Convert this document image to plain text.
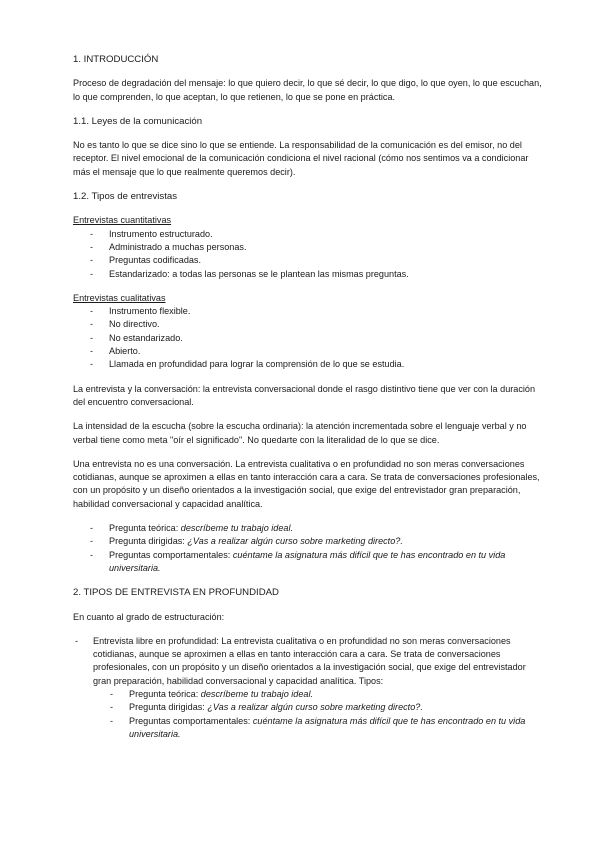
1. INTRODUCCIÓN

Proceso de degradación del mensaje: lo que quiero decir, lo que sé decir, lo que digo, lo que oyen, lo que escuchan, lo que comprenden, lo que aceptan, lo que retienen, lo que se pone en práctica.

1.1. Leyes de la comunicación

No es tanto lo que se dice sino lo que se entiende. La responsabilidad de la comunicación es del emisor, no del receptor. El nivel emocional de la comunicación condiciona el nivel racional (cómo nos sentimos va a condicionar más el mensaje que lo que realmente queremos decir).

1.2. Tipos de entrevistas

Entrevistas cuantitativas

- Instrumento estructurado.
- Administrado a muchas personas.
- Preguntas codificadas.
- Estandarizado: a todas las personas se le plantean las mismas preguntas.

Entrevistas cualitativas

- Instrumento flexible.
- No directivo.
- No estandarizado.
- Abierto.
- Llamada en profundidad para lograr la comprensión de lo que se estudia.

La entrevista y la conversación: la entrevista conversacional donde el rasgo distintivo tiene que ver con la duración del encuentro conversacional.

La intensidad de la escucha (sobre la escucha ordinaria): la atención incrementada sobre el lenguaje verbal y no verbal tiene como meta "oír el significado". No quedarte con la literalidad de lo que se dice.

Una entrevista no es una conversación. La entrevista cualitativa o en profundidad no son meras conversaciones cotidianas, aunque se aproximen a ellas en tanto interacción cara a cara. Se trata de conversaciones profesionales, con un propósito y un diseño orientados a la investigación social, que exige del entrevistador gran preparación, habilidad conversacional y capacidad analítica.

- Pregunta teórica: descríbeme tu trabajo ideal.
- Pregunta dirigidas: ¿Vas a realizar algún curso sobre marketing directo?.
- Preguntas comportamentales: cuéntame la asignatura más difícil que te has encontrado en tu vida universitaria.

2. TIPOS DE ENTREVISTA EN PROFUNDIDAD

En cuanto al grado de estructuración:

- Entrevista libre en profundidad: La entrevista cualitativa o en profundidad no son meras conversaciones cotidianas, aunque se aproximen a ellas en tanto interacción cara a cara. Se trata de conversaciones profesionales, con un propósito y un diseño orientados a la investigación social, que exige del entrevistador gran preparación, habilidad conversacional y capacidad analítica. Tipos:
- Pregunta teórica: descríbeme tu trabajo ideal.
- Pregunta dirigidas: ¿Vas a realizar algún curso sobre marketing directo?.
- Preguntas comportamentales: cuéntame la asignatura más difícil que te has encontrado en tu vida universitaria.
